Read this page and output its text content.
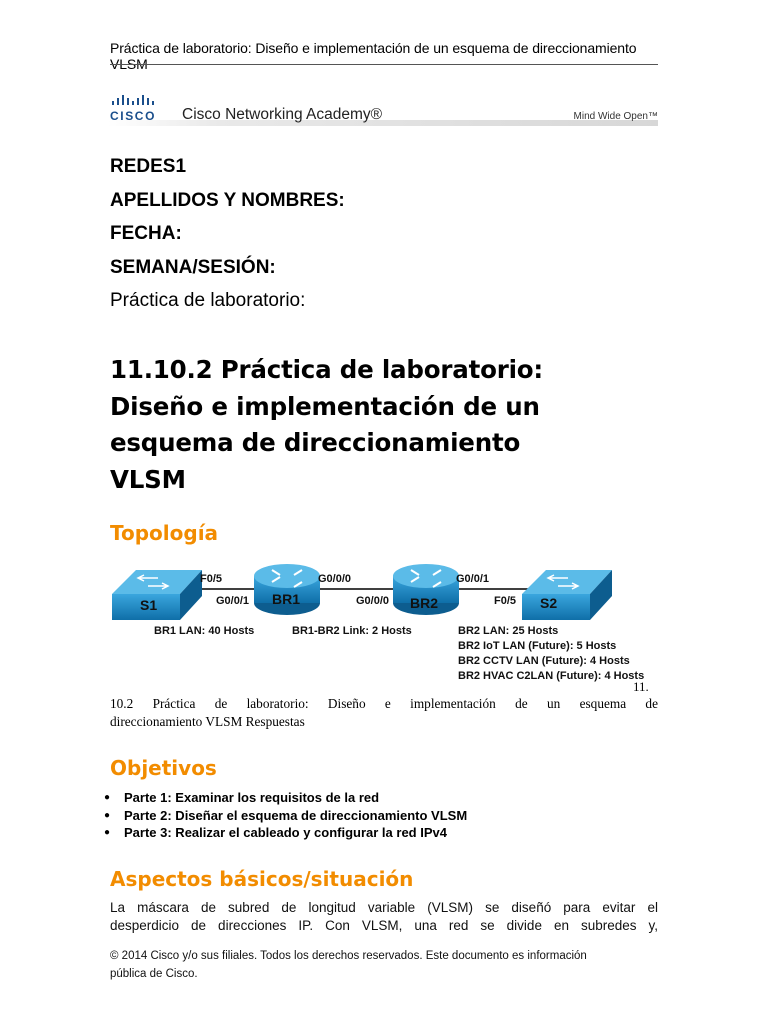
Práctica de laboratorio: Diseño e implementación de un esquema de direccionamiento VLSM
CISCO Cisco Networking Academy®	Mind Wide Open™
REDES1
APELLIDOS Y NOMBRES:
FECHA:
SEMANA/SESIÓN:
Práctica de laboratorio:
11.10.2 Práctica de laboratorio:
Diseño e implementación de un
esquema de direccionamiento
VLSM
Topología
S1	BR1	BR2	S2
F0/5
G0/0/1
G0/0/0
G0/0/0
G0/0/1
F0/5
BR1 LAN: 40 Hosts	BR1-BR2 Link: 2 Hosts	BR2 LAN: 25 Hosts
BR2 IoT LAN (Future): 5 Hosts
BR2 CCTV LAN (Future): 4 Hosts
BR2 HVAC C2LAN (Future): 4 Hosts
11.
10.2 Práctica de laboratorio: Diseño e implementación de un esquema de
direccionamiento VLSM Respuestas
Objetivos
● Parte 1: Examinar los requisitos de la red
● Parte 2: Diseñar el esquema de direccionamiento VLSM
● Parte 3: Realizar el cableado y configurar la red IPv4
Aspectos básicos/situación
La máscara de subred de longitud variable (VLSM) se diseñó para evitar el
desperdicio de direcciones IP. Con VLSM, una red se divide en subredes y,
© 2014 Cisco y/o sus filiales. Todos los derechos reservados. Este documento es información
pública de Cisco.
